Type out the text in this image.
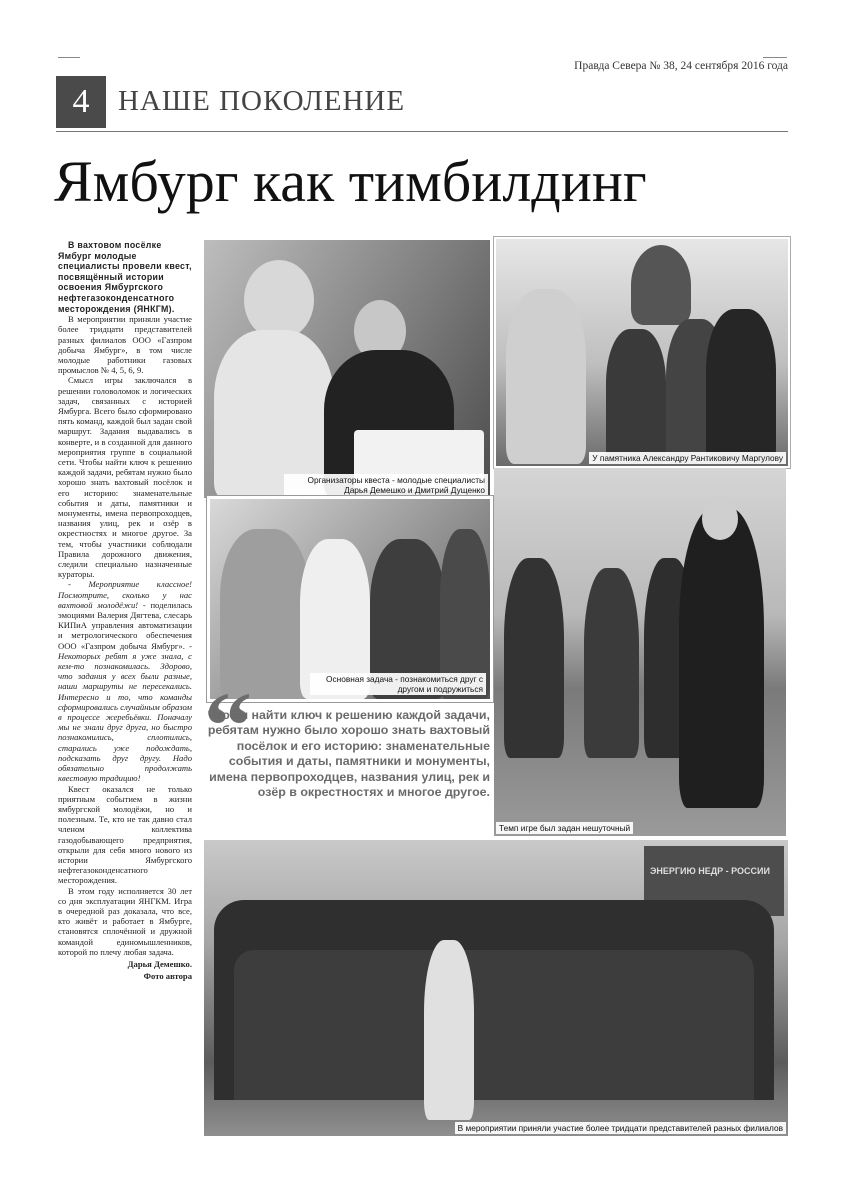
Правда Севера № 38, 24 сентября 2016 года
4 НАШЕ ПОКОЛЕНИЕ
Ямбург как тимбилдинг

В вахтовом посёлке Ямбург молодые специалисты провели квест, посвящённый истории освоения Ямбургского нефтегазоконденсатного месторождения (ЯНКГМ).

В мероприятии приняли участие более тридцати представителей разных филиалов ООО «Газпром добыча Ямбург», в том числе молодые работники газовых промыслов № 4, 5, 6, 9.

Смысл игры заключался в решении головоломок и логических задач, связанных с историей Ямбурга. Всего было сформировано пять команд, каждой был задан свой маршрут. Задания выдавались в конверте, и в созданной для данного мероприятия группе в социальной сети. Чтобы найти ключ к решению каждой задачи, ребятам нужно было хорошо знать вахтовый посёлок и его историю: знаменательные события и даты, памятники и монументы, имена первопроходцев, названия улиц, рек и озёр в окрестностях и многое другое. За тем, чтобы участники соблюдали Правила дорожного движения, следили специально назначенные кураторы.

- Мероприятие классное! Посмотрите, сколько у нас вахтовой молодёжи! - поделилась эмоциями Валерия Дягтева, слесарь КИПиА управления автоматизации и метрологического обеспечения ООО «Газпром добыча Ямбург». - Некоторых ребят я уже знала, с кем-то познакомилась. Здорово, что задания у всех были разные, наши маршруты не пересекались. Интересно и то, что команды сформировались случайным образом в процессе жеребьёвки. Поначалу мы не знали друг друга, но быстро познакомились, сплотились, старались уже подождать, подсказать друг другу. Надо обязательно продолжать квестовую традицию!

Квест оказался не только приятным событием в жизни ямбургской молодёжи, но и полезным. Те, кто не так давно стал членом коллектива газодобывающего предприятия, открыли для себя много нового из истории Ямбургского нефтегазоконденсатного месторождения.

В этом году исполняется 30 лет со дня эксплуатации ЯНГКМ. Игра в очередной раз доказала, что все, кто живёт и работает в Ямбурге, становятся сплочённой и дружной командой единомышленников, которой по плечу любая задача.

Дарья Демешко.
Фото автора
Организаторы квеста - молодые специалисты Дарья Демешко и Дмитрий Дущенко
У памятника Александру Рантиковичу Маргулову
Основная задача - познакомиться друг с другом и подружиться
Темп игре был задан нешуточный
“
Чтобы найти ключ к решению каждой задачи, ребятам нужно было хорошо знать вахтовый посёлок и его историю: знаменательные события и даты, памятники и монументы, имена первопроходцев, названия улиц, рек и озёр в окрестностях и многое другое.
ЭНЕРГИЮ НЕДР - РОССИИ
В мероприятии приняли участие более тридцати представителей разных филиалов
